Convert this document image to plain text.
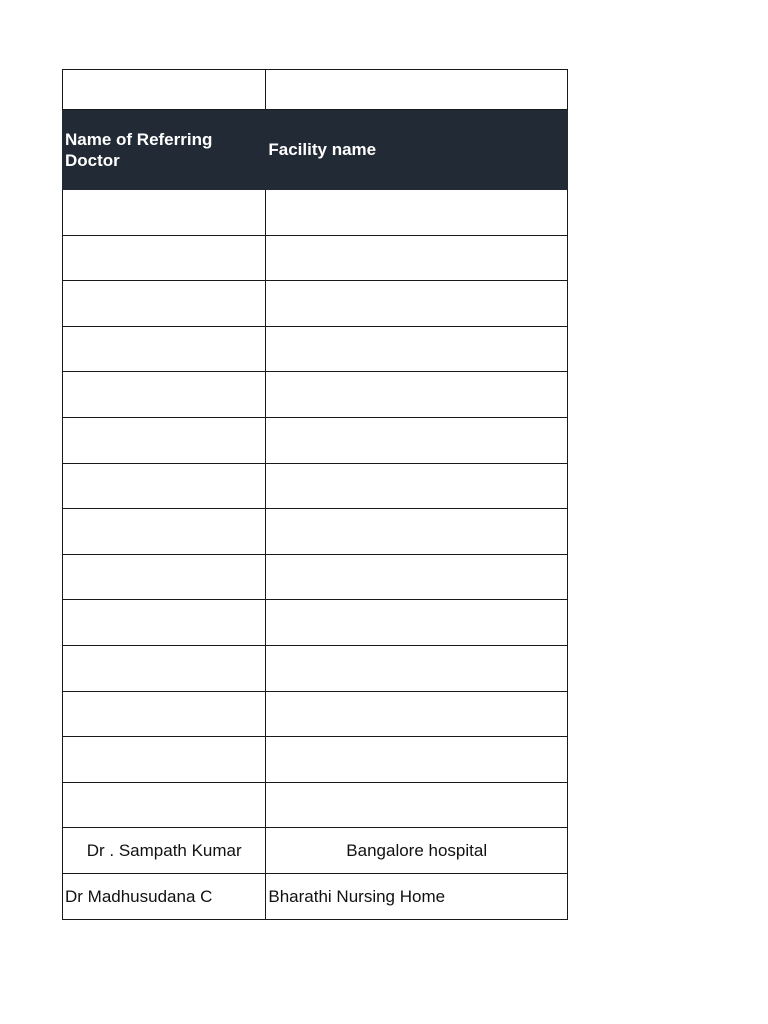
Name of Referring Doctor	Facility name

Dr . Sampath Kumar	Bangalore hospital
Dr Madhusudana C	Bharathi Nursing Home
